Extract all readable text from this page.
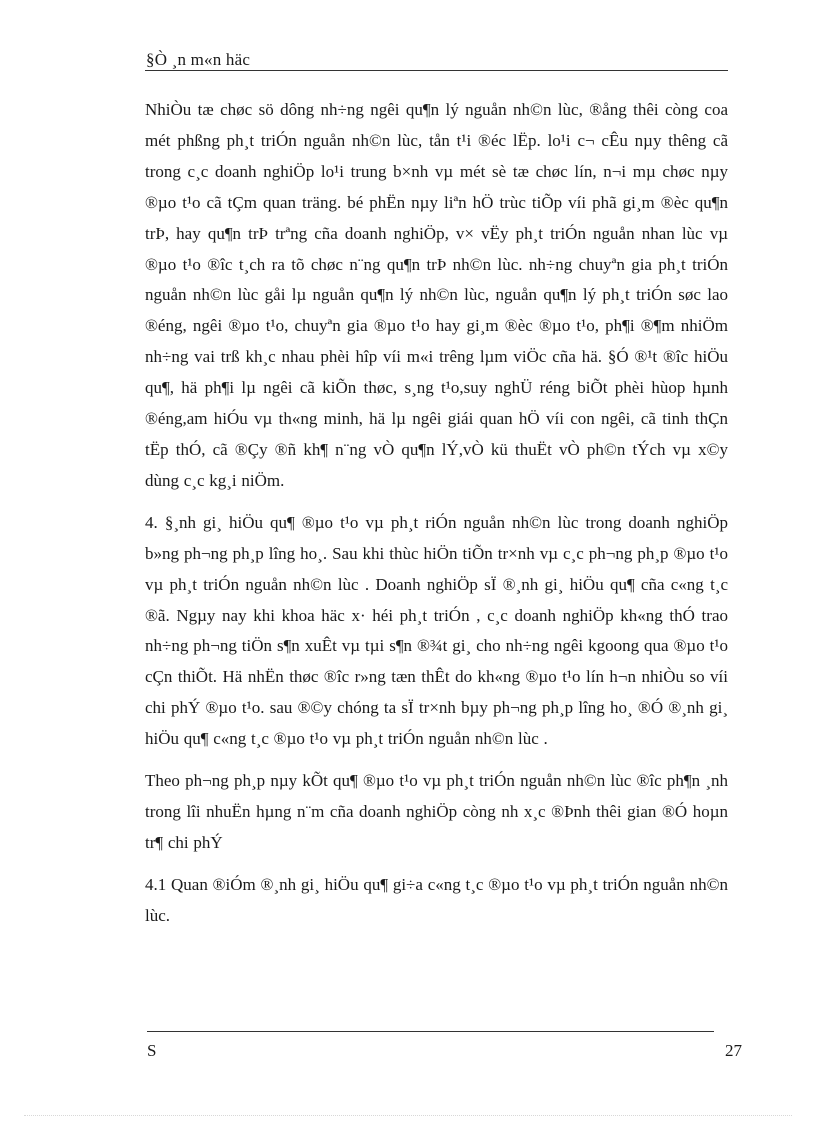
§Ò ¸n m«n häc

NhiÒu tæ chøc sö dông nh÷ng ngêi qu¶n lý nguån nh©n lùc, ®ång thêi còng coa mét phßng ph¸t triÓn nguån nh©n lùc, tån t¹i ®éc lËp. lo¹i c¬ cÊu nµy thêng cã trong c¸c doanh nghiÖp lo¹i trung b×nh vµ mét sè tæ chøc lín, n¬i mµ chøc nµy ®µo t¹o cã tÇm quan träng. bé phËn nµy liªn hÖ trùc tiÕp víi phã gi¸m ®èc qu¶n trÞ, hay qu¶n trÞ trªng cña doanh nghiÖp, v× vËy ph¸t triÓn nguån nhan lùc vµ ®µo t¹o ®îc t¸ch ra tõ chøc n¨ng qu¶n trÞ nh©n lùc. nh÷ng chuyªn gia ph¸t triÓn nguån nh©n lùc gåi lµ nguån qu¶n lý nh©n lùc, nguån qu¶n lý ph¸t triÓn søc lao ®éng, ngêi ®µo t¹o, chuyªn gia ®µo t¹o hay gi¸m ®èc ®µo t¹o, ph¶i ®¶m nhiÖm nh÷ng vai trß kh¸c nhau phèi hîp víi m«i trêng lµm viÖc cña hä. §Ó ®¹t ®îc hiÖu qu¶, hä ph¶i lµ ngêi cã kiÕn thøc, s¸ng t¹o,suy nghÜ réng biÕt phèi hùop hµnh ®éng,am hiÓu vµ th«ng minh, hä lµ ngêi giái quan hÖ víi con ngêi, cã tinh thÇn tËp thÓ, cã ®Çy ®ñ kh¶ n¨ng vÒ qu¶n lÝ,vÒ kü thuËt vÒ ph©n tÝch vµ x©y dùng c¸c kg¸i niÖm.

4. §¸nh gi¸ hiÖu qu¶ ®µo t¹o vµ ph¸t riÓn nguån nh©n lùc trong doanh nghiÖp b»ng ph¬ng ph¸p lîng ho¸. Sau khi thùc hiÖn tiÕn tr×nh vµ c¸c ph¬ng ph¸p ®µo t¹o vµ ph¸t triÓn nguån nh©n lùc . Doanh nghiÖp sÏ ®¸nh gi¸ hiÖu qu¶ cña c«ng t¸c ®ã. Ngµy nay khi khoa häc x· héi ph¸t triÓn , c¸c doanh nghiÖp kh«ng thÓ trao nh÷ng ph¬ng tiÖn s¶n xuÊt vµ tµi s¶n ®¾t gi¸ cho nh÷ng ngêi kgoong qua ®µo t¹o cÇn thiÕt. Hä nhËn thøc ®îc r»ng tæn thÊt do kh«ng ®µo t¹o lín h¬n nhiÒu so víi chi phÝ ®µo t¹o. sau ®©y chóng ta sÏ tr×nh bµy ph¬ng ph¸p lîng ho¸ ®Ó ®¸nh gi¸ hiÖu qu¶ c«ng t¸c ®µo t¹o vµ ph¸t triÓn nguån nh©n lùc .

Theo ph¬ng ph¸p nµy kÕt qu¶ ®µo t¹o vµ ph¸t triÓn nguån nh©n lùc ®îc ph¶n ¸nh trong lîi nhuËn hµng n¨m cña doanh nghiÖp còng nh x¸c ®Þnh thêi gian ®Ó hoµn tr¶ chi phÝ

4.1 Quan ®iÓm ®¸nh gi¸ hiÖu qu¶ gi÷a c«ng t¸c ®µo t¹o vµ ph¸t triÓn nguån nh©n lùc.

S	27
